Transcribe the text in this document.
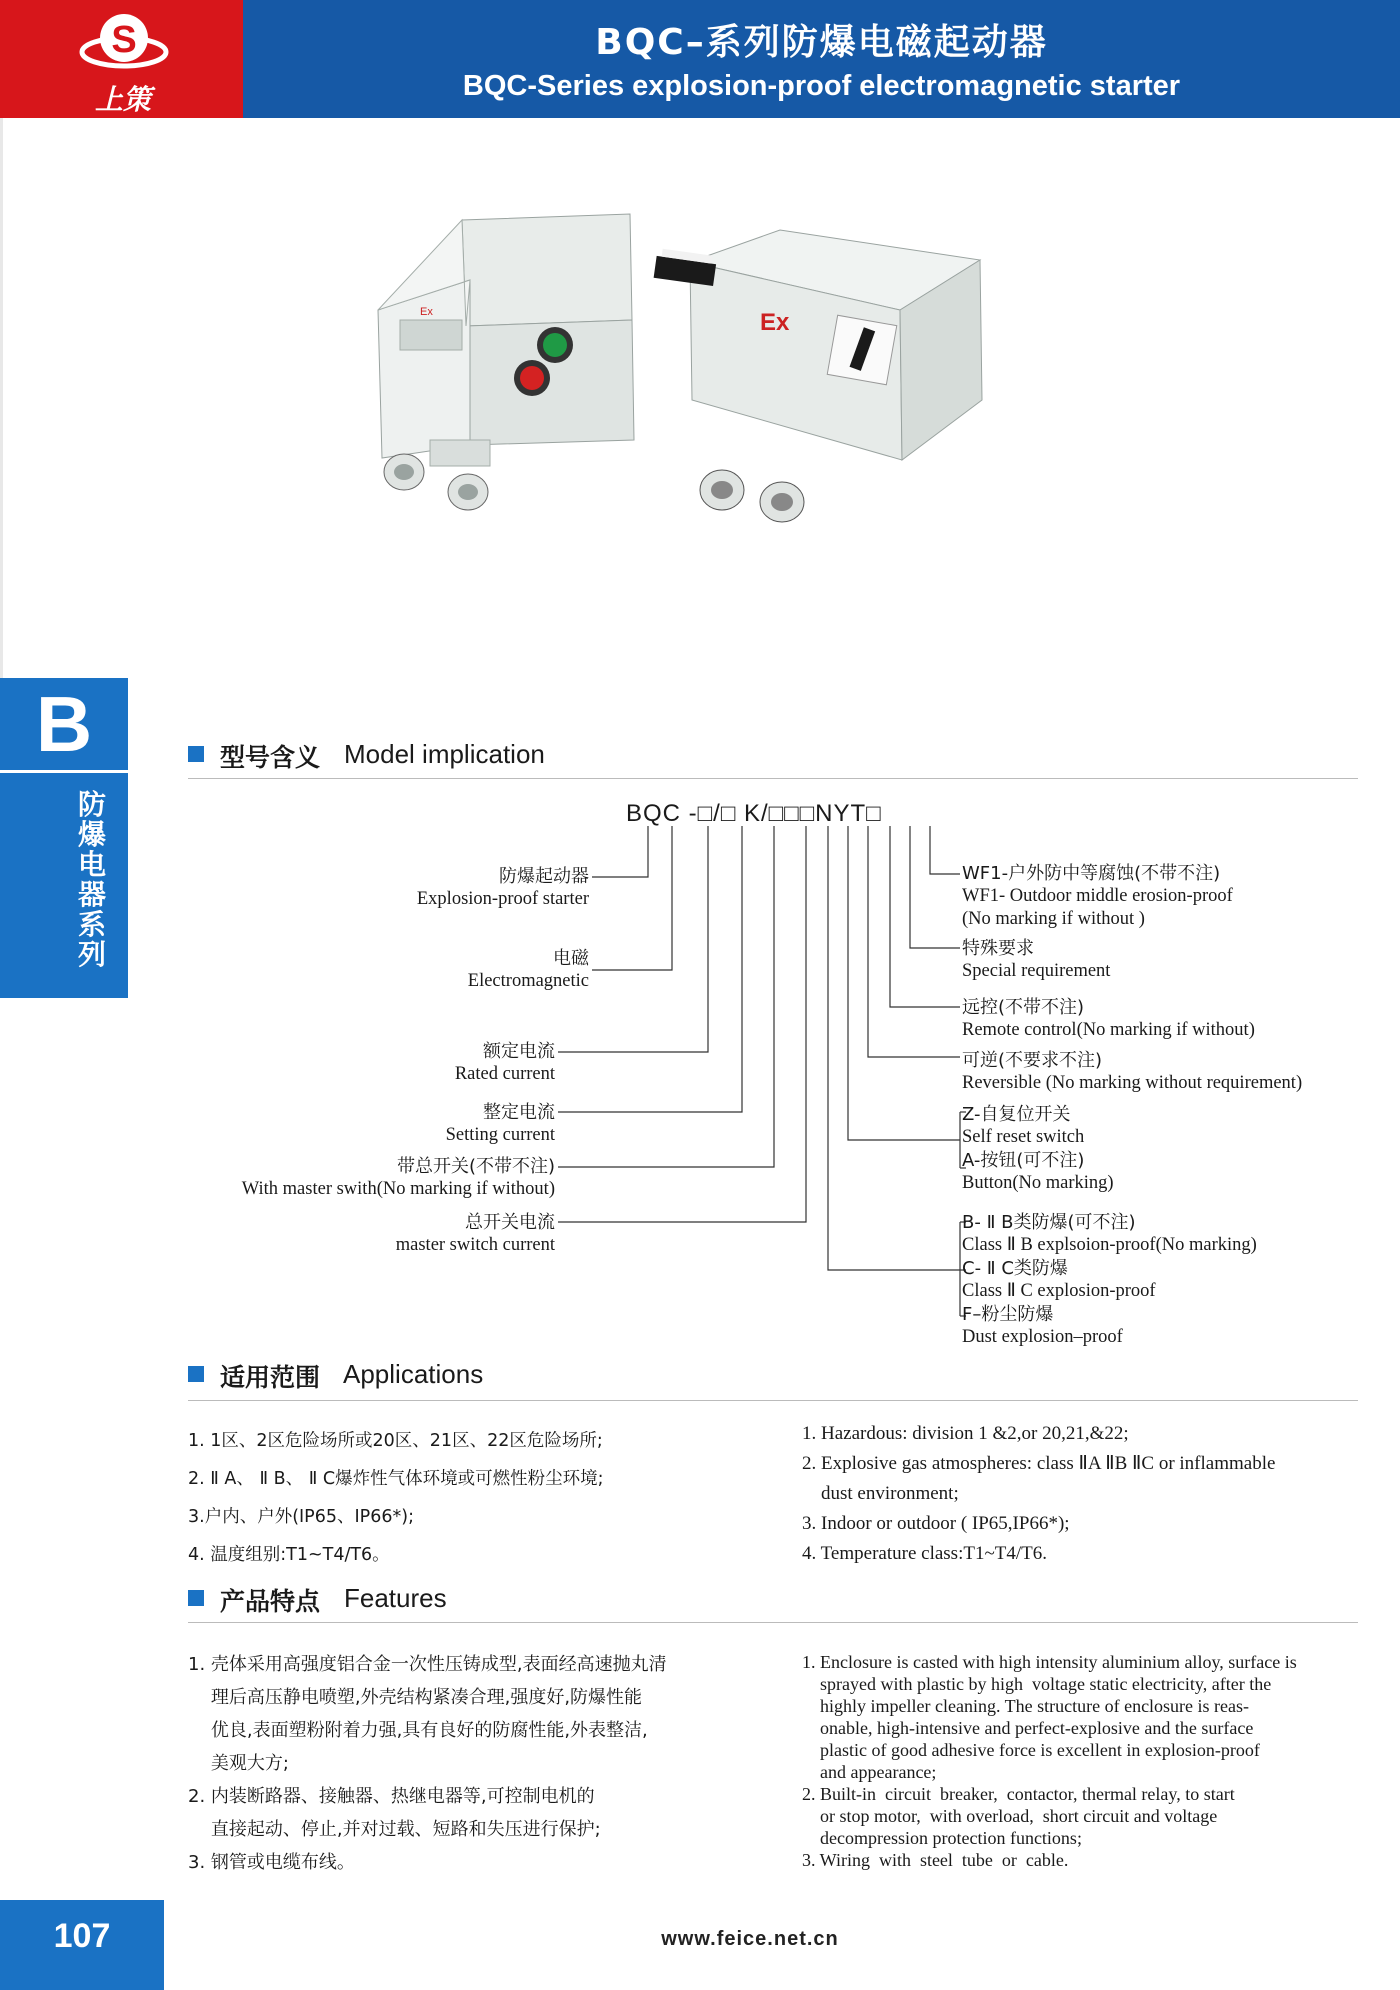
S
上策
BQC–系列防爆电磁起动器
BQC-Series explosion-proof electromagnetic starter
Ex	Ex
B
防爆电器系列
型号含义 Model implication
BQC -□/□ K/□□□NYT□
防爆起动器
Explosion-proof starter
电磁
Electromagnetic
额定电流
Rated current
整定电流
Setting current
带总开关(不带不注)
With master swith(No marking if without)
总开关电流
master switch current
WF1-户外防中等腐蚀(不带不注)
WF1- Outdoor middle erosion-proof
(No marking if without )
特殊要求
Special requirement
远控(不带不注)
Remote control(No marking if without)
可逆(不要求不注)
Reversible (No marking without requirement)
Z-自复位开关
Self reset switch
A-按钮(可不注)
Button(No marking)
B- Ⅱ B类防爆(可不注)
Class Ⅱ B explsoion-proof(No marking)
C- Ⅱ C类防爆
Class Ⅱ C explosion-proof
F–粉尘防爆
Dust explosion–proof
适用范围 Applications
1. 1区、2区危险场所或20区、21区、22区危险场所;
2. Ⅱ A、 Ⅱ B、 Ⅱ C爆炸性气体环境或可燃性粉尘环境;
3.户内、户外(IP65、IP66*);
4. 温度组别:T1~T4/T6。
1. Hazardous: division 1 &2,or 20,21,&22;
2. Explosive gas atmospheres: class ⅡA ⅡB ⅡC or inflammable
dust environment;
3. Indoor or outdoor ( IP65,IP66*);
4. Temperature class:T1~T4/T6.
产品特点 Features
1. 壳体采用高强度铝合金一次性压铸成型,表面经高速抛丸清
理后高压静电喷塑,外壳结构紧凑合理,强度好,防爆性能
优良,表面塑粉附着力强,具有良好的防腐性能,外表整洁,
美观大方;
2. 内装断路器、接触器、热继电器等,可控制电机的
直接起动、停止,并对过载、短路和失压进行保护;
3. 钢管或电缆布线。
1. Enclosure is casted with high intensity aluminium alloy, surface is
sprayed with plastic by high  voltage static electricity, after the
highly impeller cleaning. The structure of enclosure is reas-
onable, high-intensive and perfect-explosive and the surface
plastic of good adhesive force is excellent in explosion-proof
and appearance;
2. Built-in  circuit  breaker,  contactor, thermal relay, to start
or stop motor,  with overload,  short circuit and voltage
decompression protection functions;
3. Wiring  with  steel  tube  or  cable.
107	www.feice.net.cn
